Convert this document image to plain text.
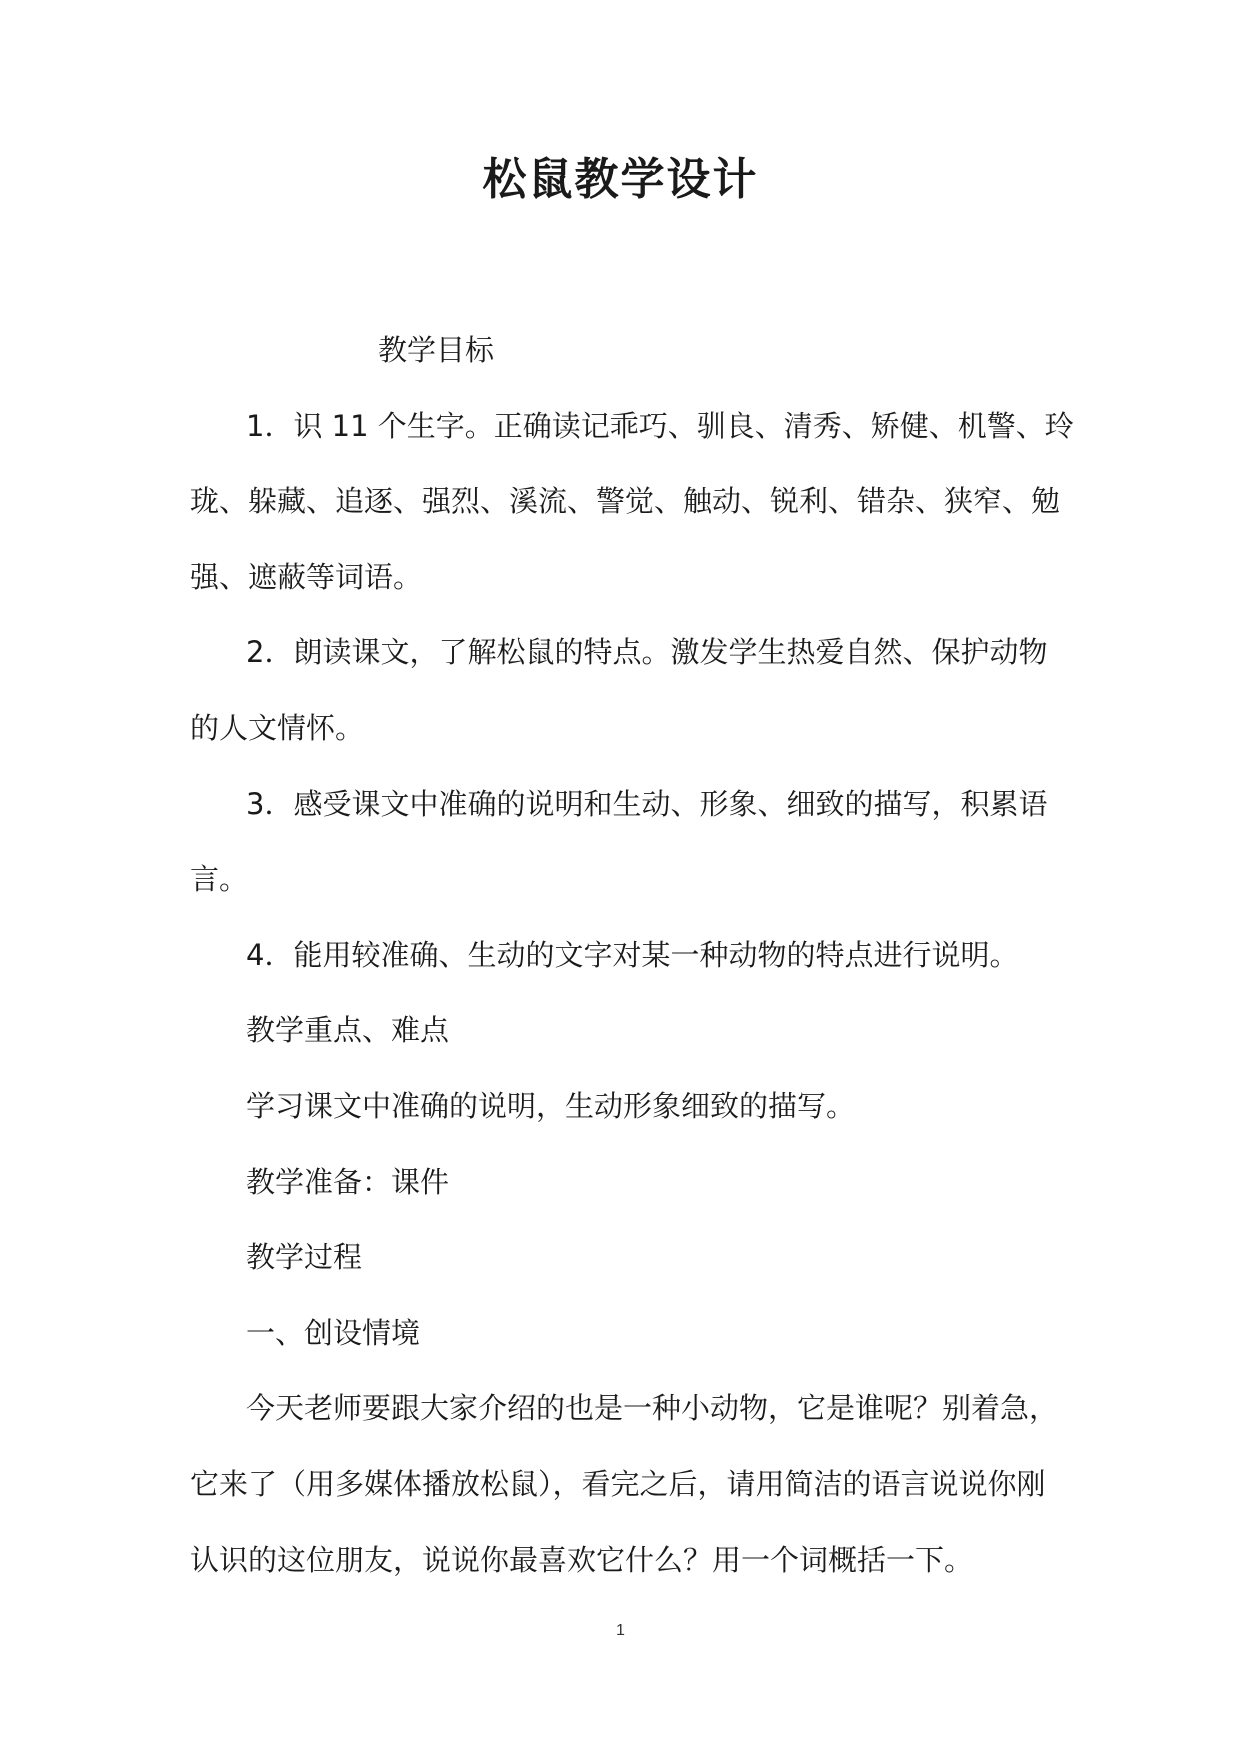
松鼠教学设计
教学目标
1．识 11 个生字。正确读记乖巧、驯良、清秀、矫健、机警、玲
珑、躲藏、追逐、强烈、溪流、警觉、触动、锐利、错杂、狭窄、勉
强、遮蔽等词语。
2．朗读课文，了解松鼠的特点。激发学生热爱自然、保护动物
的人文情怀。
3．感受课文中准确的说明和生动、形象、细致的描写，积累语
言。
4．能用较准确、生动的文字对某一种动物的特点进行说明。
教学重点、难点
学习课文中准确的说明，生动形象细致的描写。
教学准备：课件
教学过程
一、创设情境
今天老师要跟大家介绍的也是一种小动物，它是谁呢？别着急，
它来了（用多媒体播放松鼠），看完之后，请用简洁的语言说说你刚
认识的这位朋友，说说你最喜欢它什么？用一个词概括一下。
1
